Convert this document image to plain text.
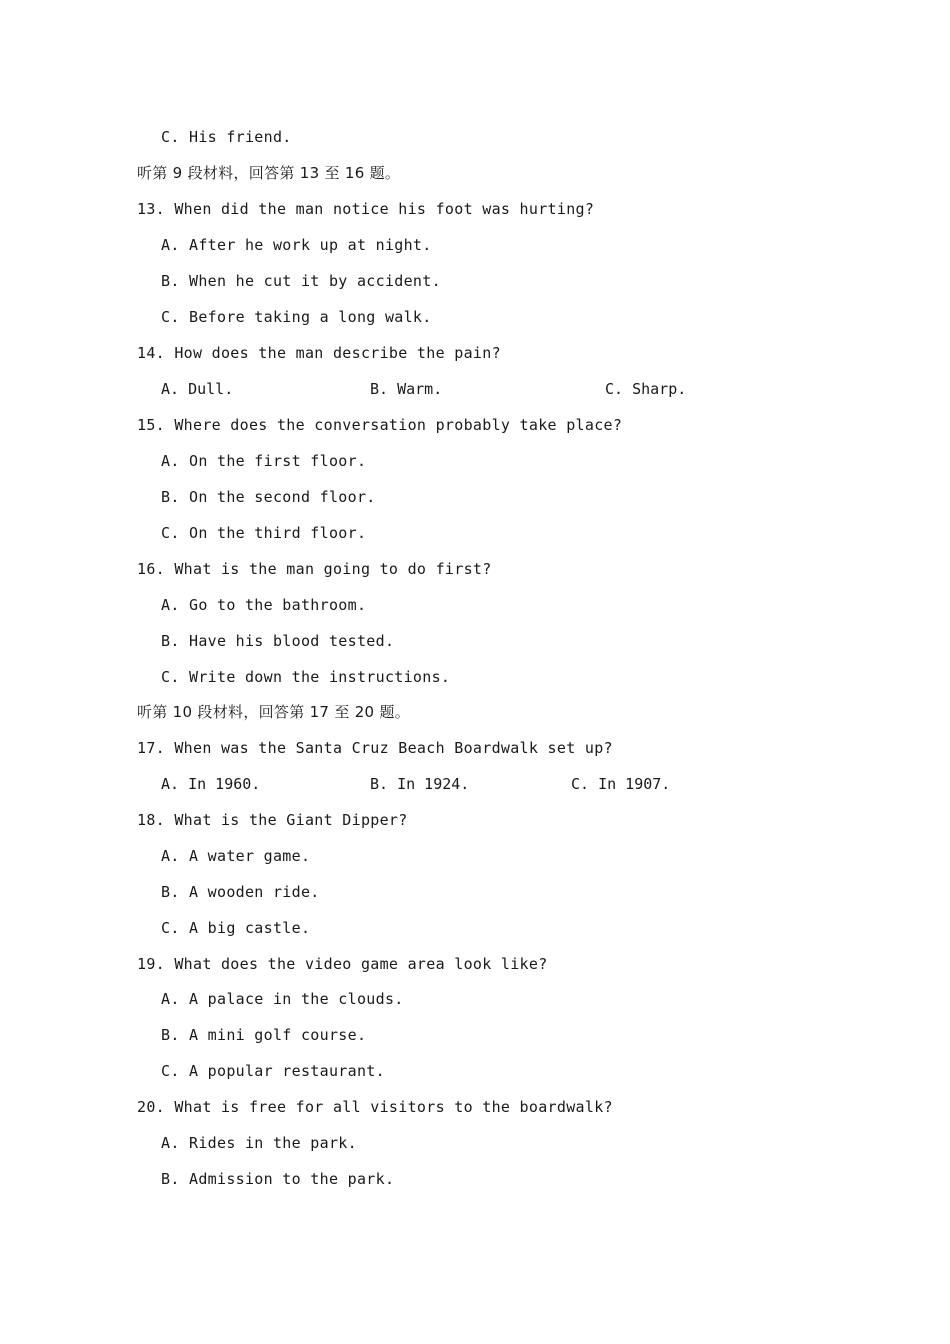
C. His friend.
听第 9 段材料，回答第 13 至 16 题。
13. When did the man notice his foot was hurting?
A. After he work up at night.
B. When he cut it by accident.
C. Before taking a long walk.
14. How does the man describe the pain?
A. Dull.	B. Warm.	C. Sharp.
15. Where does the conversation probably take place?
A. On the first floor.
B. On the second floor.
C. On the third floor.
16. What is the man going to do first?
A. Go to the bathroom.
B. Have his blood tested.
C. Write down the instructions.
听第 10 段材料，回答第 17 至 20 题。
17. When was the Santa Cruz Beach Boardwalk set up?
A. In 1960.	B. In 1924.	C. In 1907.
18. What is the Giant Dipper?
A. A water game.
B. A wooden ride.
C. A big castle.
19. What does the video game area look like?
A. A palace in the clouds.
B. A mini golf course.
C. A popular restaurant.
20. What is free for all visitors to the boardwalk?
A. Rides in the park.
B. Admission to the park.
